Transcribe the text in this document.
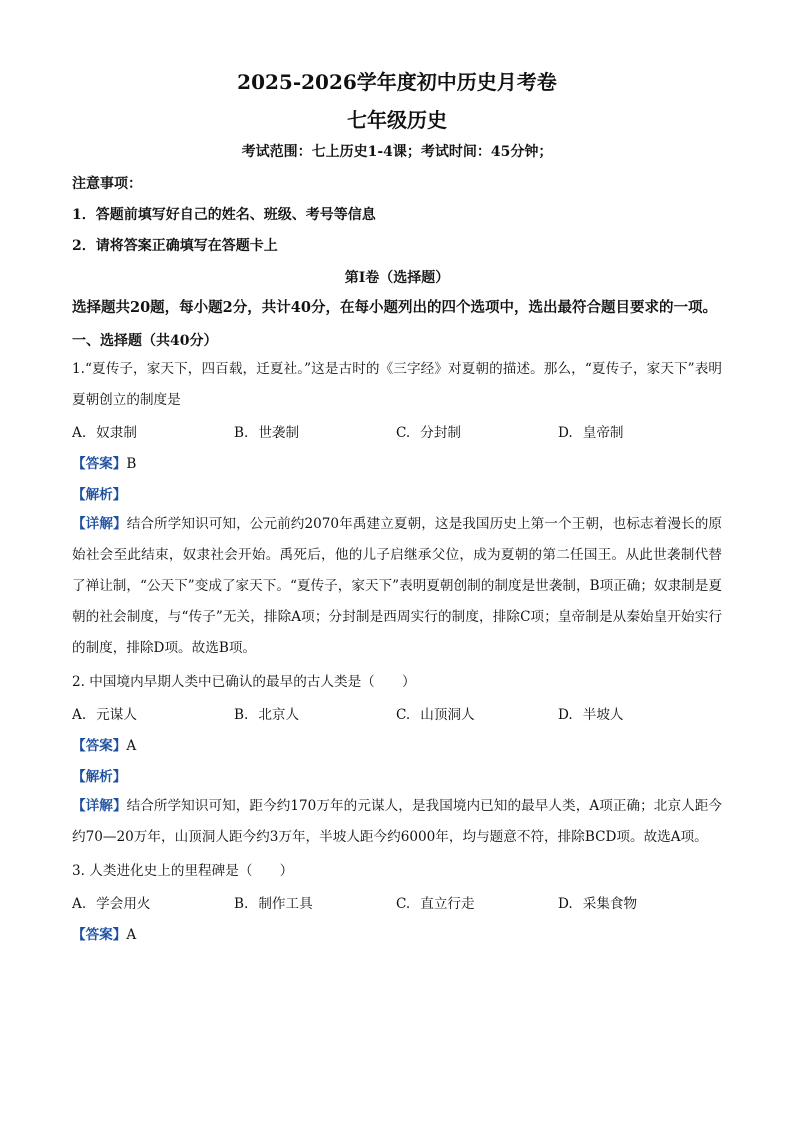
2025-2026学年度初中历史月考卷
七年级历史
考试范围：七上历史1-4课；考试时间：45分钟；
注意事项：
1．答题前填写好自己的姓名、班级、考号等信息
2．请将答案正确填写在答题卡上
第I卷（选择题）
选择题共20题，每小题2分，共计40分，在每小题列出的四个选项中，选出最符合题目要求的一项。
一、选择题（共40分）
1.“夏传子，家天下，四百载，迁夏社。”这是古时的《三字经》对夏朝的描述。那么，“夏传子，家天下”表明夏朝创立的制度是
A. 奴隶制	B. 世袭制	C. 分封制	D. 皇帝制
【答案】B
【解析】
【详解】结合所学知识可知，公元前约2070年禹建立夏朝，这是我国历史上第一个王朝，也标志着漫长的原始社会至此结束，奴隶社会开始。禹死后，他的儿子启继承父位，成为夏朝的第二任国王。从此世袭制代替了禅让制，“公天下”变成了家天下。“夏传子，家天下”表明夏朝创制的制度是世袭制，B项正确；奴隶制是夏朝的社会制度，与“传子”无关，排除A项；分封制是西周实行的制度，排除C项；皇帝制是从秦始皇开始实行的制度，排除D项。故选B项。
2. 中国境内早期人类中已确认的最早的古人类是（　　）
A. 元谋人	B. 北京人	C. 山顶洞人	D. 半坡人
【答案】A
【解析】
【详解】结合所学知识可知，距今约170万年的元谋人，是我国境内已知的最早人类，A项正确；北京人距今约70—20万年，山顶洞人距今约3万年，半坡人距今约6000年，均与题意不符，排除BCD项。故选A项。
3. 人类进化史上的里程碑是（　　）
A. 学会用火	B. 制作工具	C. 直立行走	D. 采集食物
【答案】A
